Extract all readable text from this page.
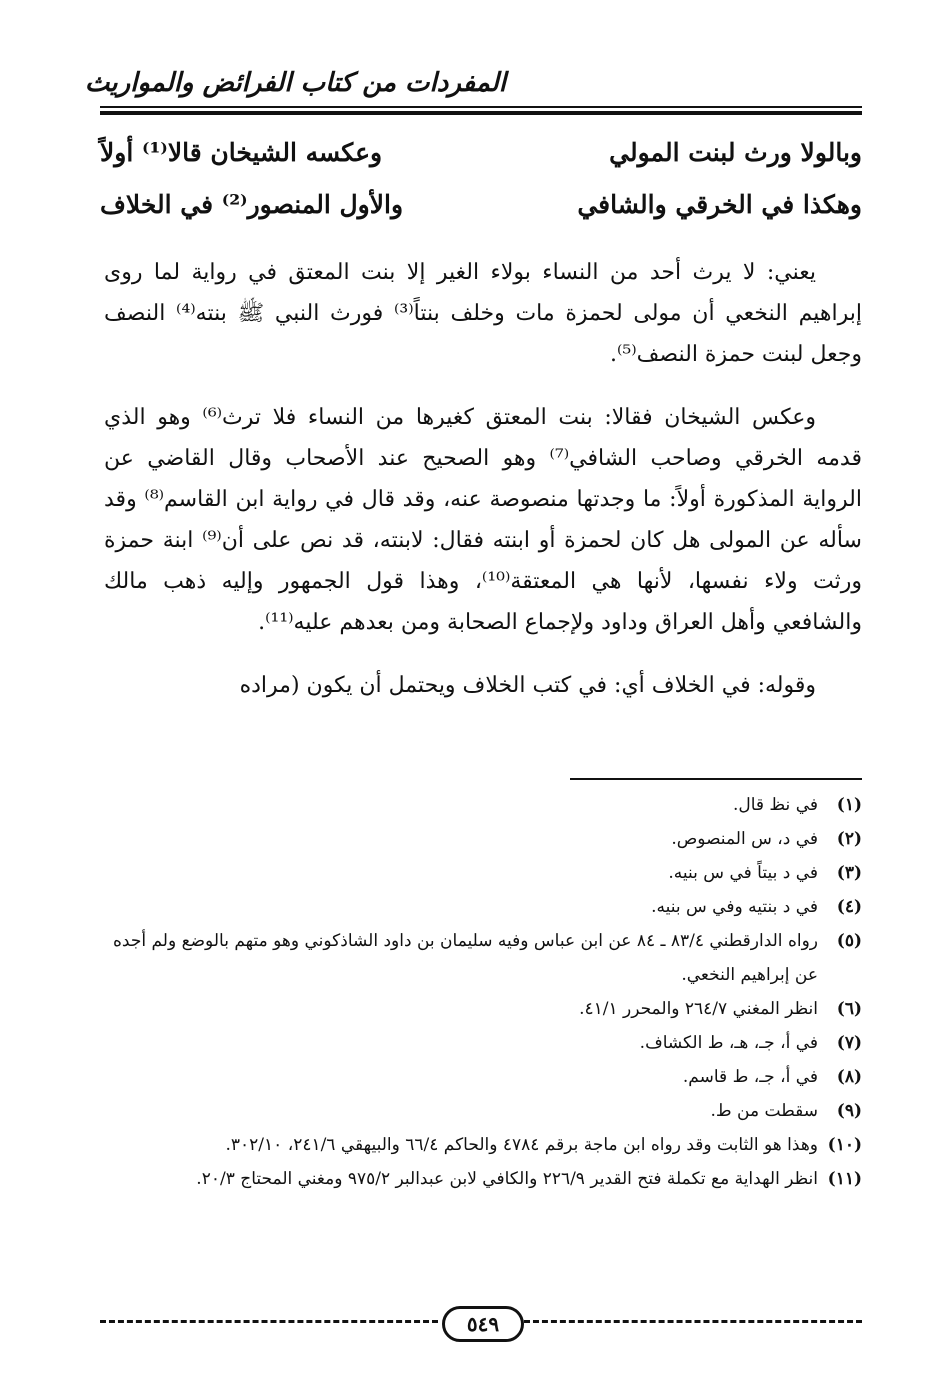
المفردات من كتاب الفرائض والمواريث
وبالولا ورث لبنت المولي
وعكسه الشيخان قالا⁽¹⁾ أولاً
وهكذا في الخرقي والشافي
والأول المنصور⁽²⁾ في الخلاف

يعني: لا يرث أحد من النساء بولاء الغير إلا بنت المعتق في رواية لما روى إبراهيم النخعي أن مولى لحمزة مات وخلف بنتاً⁽³⁾ فورث النبي ﷺ بنته⁽⁴⁾ النصف وجعل لبنت حمزة النصف⁽⁵⁾.

وعكس الشيخان فقالا: بنت المعتق كغيرها من النساء فلا ترث⁽⁶⁾ وهو الذي قدمه الخرقي وصاحب الشافي⁽⁷⁾ وهو الصحيح عند الأصحاب وقال القاضي عن الرواية المذكورة أولاً: ما وجدتها منصوصة عنه، وقد قال في رواية ابن القاسم⁽⁸⁾ وقد سأله عن المولى هل كان لحمزة أو ابنته فقال: لابنته، قد نص على أن⁽⁹⁾ ابنة حمزة ورثت ولاء نفسها، لأنها هي المعتقة⁽¹⁰⁾، وهذا قول الجمهور وإليه ذهب مالك والشافعي وأهل العراق وداود ولإجماع الصحابة ومن بعدهم عليه⁽¹¹⁾.

وقوله: في الخلاف أي: في كتب الخلاف ويحتمل أن يكون (مراده

(١)
في نظ قال.
(٢)
في د، س المنصوص.
(٣)
في د بيتاً في س بنيه.
(٤)
في د بنتيه وفي س بنيه.
(٥)
رواه الدارقطني ٨٣/٤ ـ ٨٤ عن ابن عباس وفيه سليمان بن داود الشاذكوني وهو متهم بالوضع ولم أجده عن إبراهيم النخعي.
(٦)
انظر المغني ٢٦٤/٧ والمحرر ٤١/١.
(٧)
في أ، جـ، هـ، ط الكشاف.
(٨)
في أ، جـ، ط قاسم.
(٩)
سقطت من ط.
(١٠)
وهذا هو الثابت وقد رواه ابن ماجة برقم ٤٧٨٤ والحاكم ٦٦/٤ والبيهقي ٢٤١/٦، ٣٠٢/١٠.
(١١)
انظر الهداية مع تكملة فتح القدير ٢٢٦/٩ والكافي لابن عبدالبر ٩٧٥/٢ ومغني المحتاج ٢٠/٣.
٥٤٩
